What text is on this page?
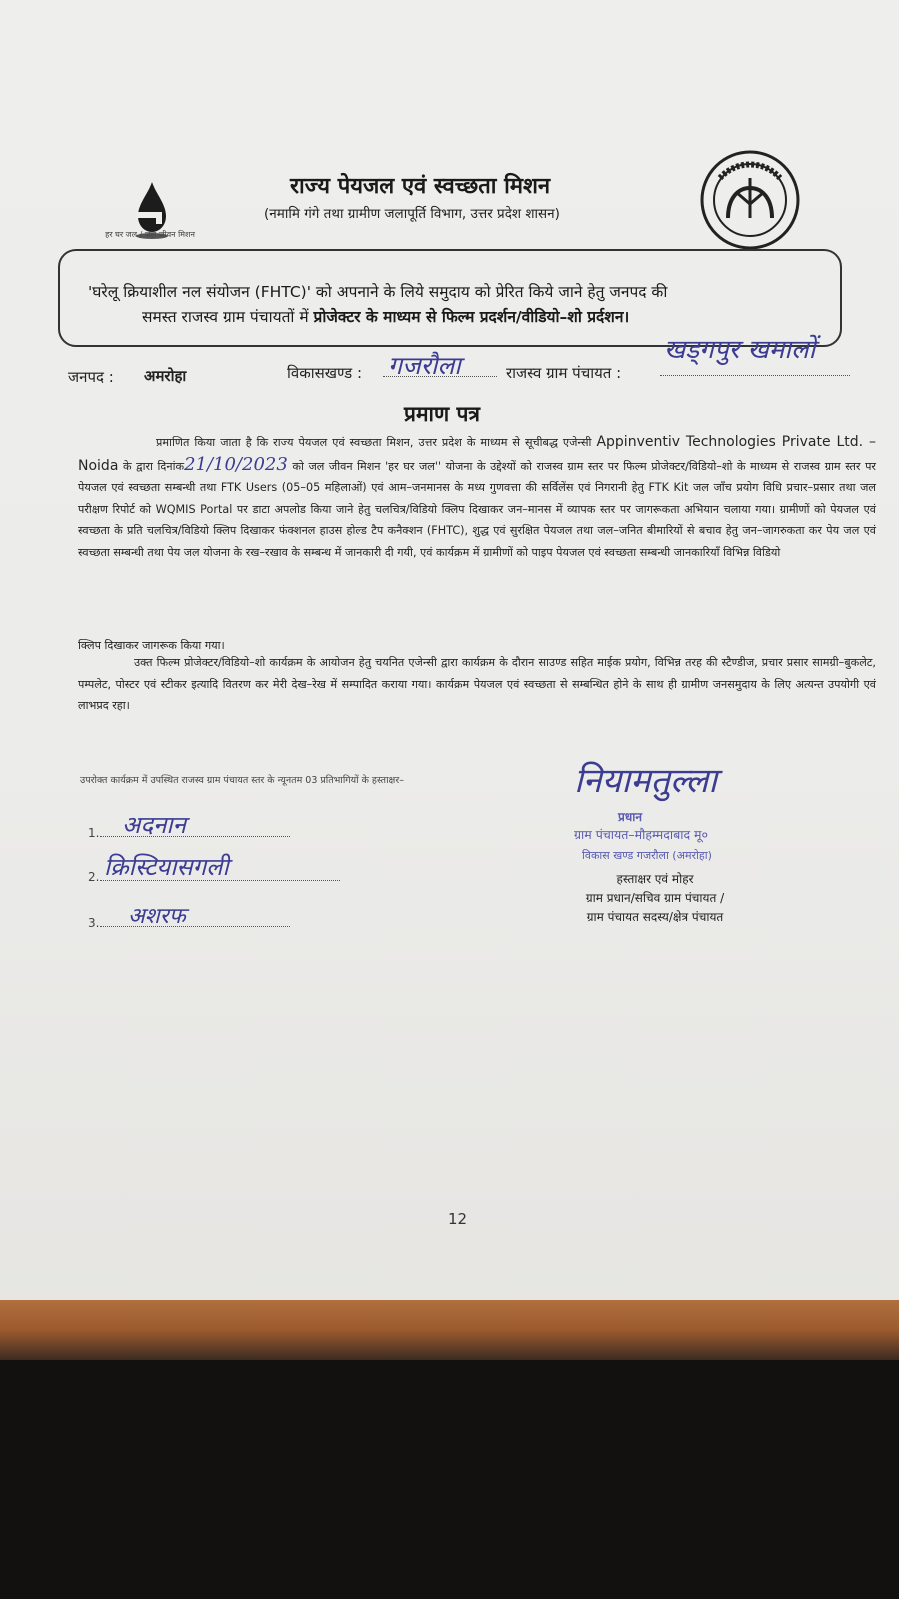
हर घर जल / जल जीवन मिशन
राज्य पेयजल एवं स्वच्छता मिशन
(नमामि गंगे तथा ग्रामीण जलापूर्ति विभाग, उत्तर प्रदेश शासन)
'घरेलू क्रियाशील नल संयोजन (FHTC)' को अपनाने के लिये समुदाय को प्रेरित किये जाने हेतु जनपद की
समस्त राजस्व ग्राम पंचायतों में प्रोजेक्टर के माध्यम से फिल्म प्रदर्शन/वीडियो–शो प्रर्दशन।
जनपद : अमरोहा	विकासखण्ड : गजरौला	राजस्व ग्राम पंचायत :
खड्गपुर खमालों
प्रमाण पत्र
प्रमाणित किया जाता है कि राज्य पेयजल एवं स्वच्छता मिशन, उत्तर प्रदेश के माध्यम से सूचीबद्ध एजेन्सी Appinventiv Technologies Private Ltd. – Noida के द्वारा दिनांक21/10/2023 को जल जीवन मिशन 'हर घर जल'' योजना के उद्देश्यों को राजस्व ग्राम स्तर पर फिल्म प्रोजेक्टर/विडियो–शो के माध्यम से राजस्व ग्राम स्तर पर पेयजल एवं स्वच्छता सम्बन्धी तथा FTK Users (05–05 महिलाओं) एवं आम–जनमानस के मध्य गुणवत्ता की सर्विलेंस एवं निगरानी हेतु FTK Kit जल जाँच प्रयोग विधि प्रचार–प्रसार तथा जल परीक्षण रिपोर्ट को WQMIS Portal पर डाटा अपलोड किया जाने हेतु चलचित्र/विडियो क्लिप दिखाकर जन–मानस में व्यापक स्तर पर जागरूकता अभियान चलाया गया। ग्रामीणों को पेयजल एवं स्वच्छता के प्रति चलचित्र/विडियो क्लिप दिखाकर फंक्शनल हाउस होल्ड टैप कनैक्शन (FHTC), शुद्ध एवं सुरक्षित पेयजल तथा जल–जनित बीमारियों से बचाव हेतु जन–जागरुकता कर पेय जल एवं स्वच्छता सम्बन्धी तथा पेय जल योजना के रख–रखाव के सम्बन्ध में जानकारी दी गयी, एवं कार्यक्रम में ग्रामीणों को पाइप पेयजल एवं स्वच्छता सम्बन्धी जानकारियाँ विभिन्न विडियो
क्लिप दिखाकर जागरूक किया गया।
उक्त फिल्म प्रोजेक्टर/विडियो–शो कार्यक्रम के आयोजन हेतु चयनित एजेन्सी द्वारा कार्यक्रम के दौरान साउण्ड सहित माईक प्रयोग, विभिन्न तरह की स्टैण्डीज, प्रचार प्रसार सामग्री–बुकलेट, पम्पलेट, पोस्टर एवं स्टीकर इत्यादि वितरण कर मेरी देख–रेख में सम्पादित कराया गया। कार्यक्रम पेयजल एवं स्वच्छता से सम्बन्धित होने के साथ ही ग्रामीण जनसमुदाय के लिए अत्यन्त उपयोगी एवं लाभप्रद रहा।
उपरोक्त कार्यक्रम में उपस्थित राजस्व ग्राम पंचायत स्तर के न्यूनतम 03 प्रतिभागियों के हस्ताक्षर–
1. अदनान
2. क्रिस्टियासगली
3. अशरफ
नियामतुल्ला
प्रधान
ग्राम पंचायत–मौहम्मदाबाद मू०
विकास खण्ड गजरौला (अमरोहा)
हस्ताक्षर एवं मोहर
ग्राम प्रधान/सचिव ग्राम पंचायत /
ग्राम पंचायत सदस्य/क्षेत्र पंचायत
12
